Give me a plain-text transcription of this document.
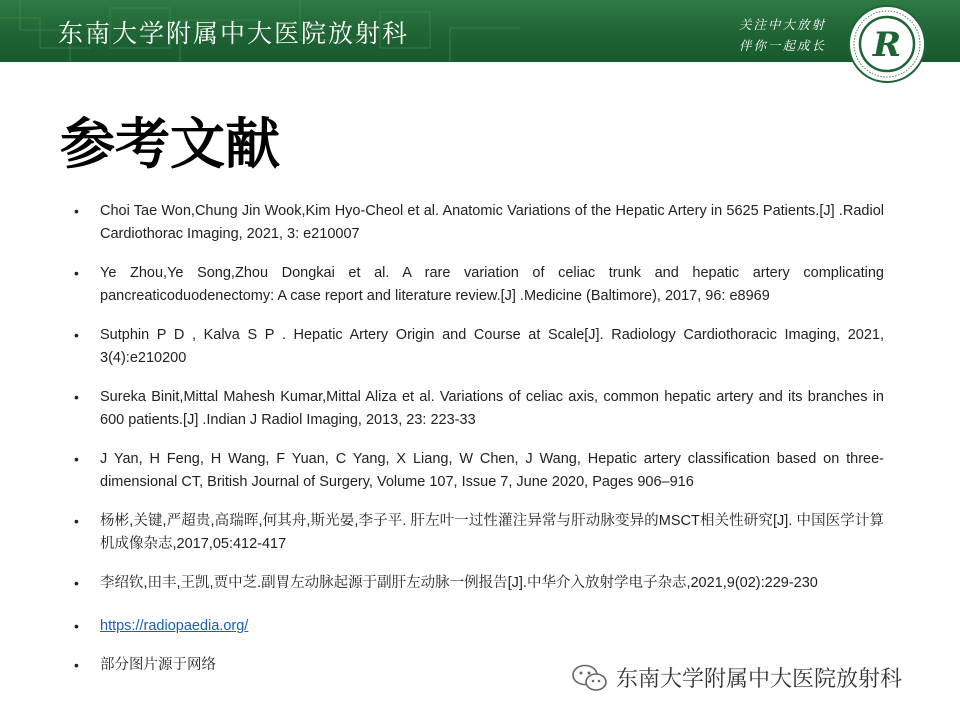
东南大学附属中大医院放射科	关注中大放射
伴你一起成长 R
参考文献
• Choi Tae Won,Chung Jin Wook,Kim Hyo-Cheol et al. Anatomic Variations of the Hepatic Artery in 5625 Patients.[J] .Radiol Cardiothorac Imaging, 2021, 3: e210007
• Ye Zhou,Ye Song,Zhou Dongkai et al. A rare variation of celiac trunk and hepatic artery complicating pancreaticoduodenectomy: A case report and literature review.[J] .Medicine (Baltimore), 2017, 96: e8969
• Sutphin P D , Kalva S P . Hepatic Artery Origin and Course at Scale[J]. Radiology Cardiothoracic Imaging, 2021, 3(4):e210200
• Sureka Binit,Mittal Mahesh Kumar,Mittal Aliza et al. Variations of celiac axis, common hepatic artery and its branches in 600 patients.[J] .Indian J Radiol Imaging, 2013, 23: 223-33
• J Yan, H Feng, H Wang, F Yuan, C Yang, X Liang, W Chen, J Wang, Hepatic artery classification based on three-dimensional CT, British Journal of Surgery, Volume 107, Issue 7, June 2020, Pages 906–916
• 杨彬,关键,严超贵,高瑞晖,何其舟,斯光晏,李子平. 肝左叶一过性灌注异常与肝动脉变异的MSCT相关性研究[J]. 中国医学计算机成像杂志,2017,05:412-417
• 李绍钦,田丰,王凯,贾中芝.副胃左动脉起源于副肝左动脉一例报告[J].中华介入放射学电子杂志,2021,9(02):229-230
• https://radiopaedia.org/
• 部分图片源于网络
东南大学附属中大医院放射科
